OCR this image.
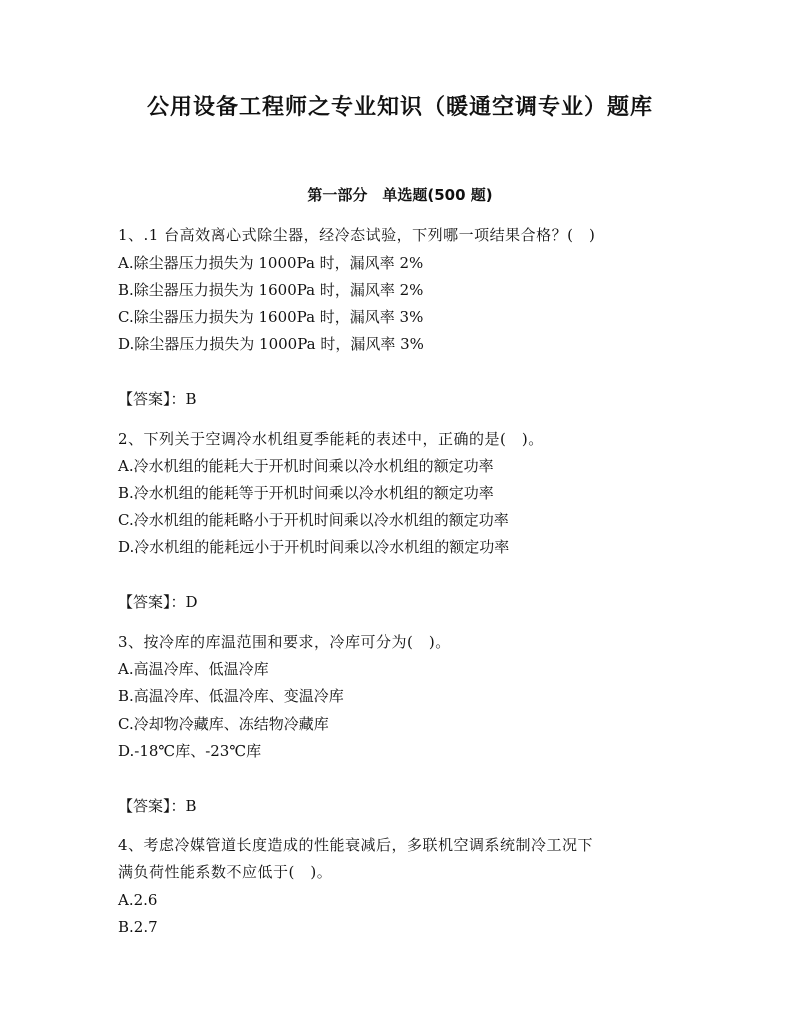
公用设备工程师之专业知识（暖通空调专业）题库
第一部分　单选题(500 题)
1、.1 台高效离心式除尘器，经冷态试验，下列哪一项结果合格？(　)
A.除尘器压力损失为 1000Pa 时，漏风率 2%
B.除尘器压力损失为 1600Pa 时，漏风率 2%
C.除尘器压力损失为 1600Pa 时，漏风率 3%
D.除尘器压力损失为 1000Pa 时，漏风率 3%
【答案】：B
2、下列关于空调冷水机组夏季能耗的表述中，正确的是(　)。
A.冷水机组的能耗大于开机时间乘以冷水机组的额定功率
B.冷水机组的能耗等于开机时间乘以冷水机组的额定功率
C.冷水机组的能耗略小于开机时间乘以冷水机组的额定功率
D.冷水机组的能耗远小于开机时间乘以冷水机组的额定功率
【答案】：D
3、按冷库的库温范围和要求，冷库可分为(　)。
A.高温冷库、低温冷库
B.高温冷库、低温冷库、变温冷库
C.冷却物冷藏库、冻结物冷藏库
D.-18℃库、-23℃库
【答案】：B
4、考虑冷媒管道长度造成的性能衰减后，多联机空调系统制冷工况下
满负荷性能系数不应低于(　)。
A.2.6
B.2.7
